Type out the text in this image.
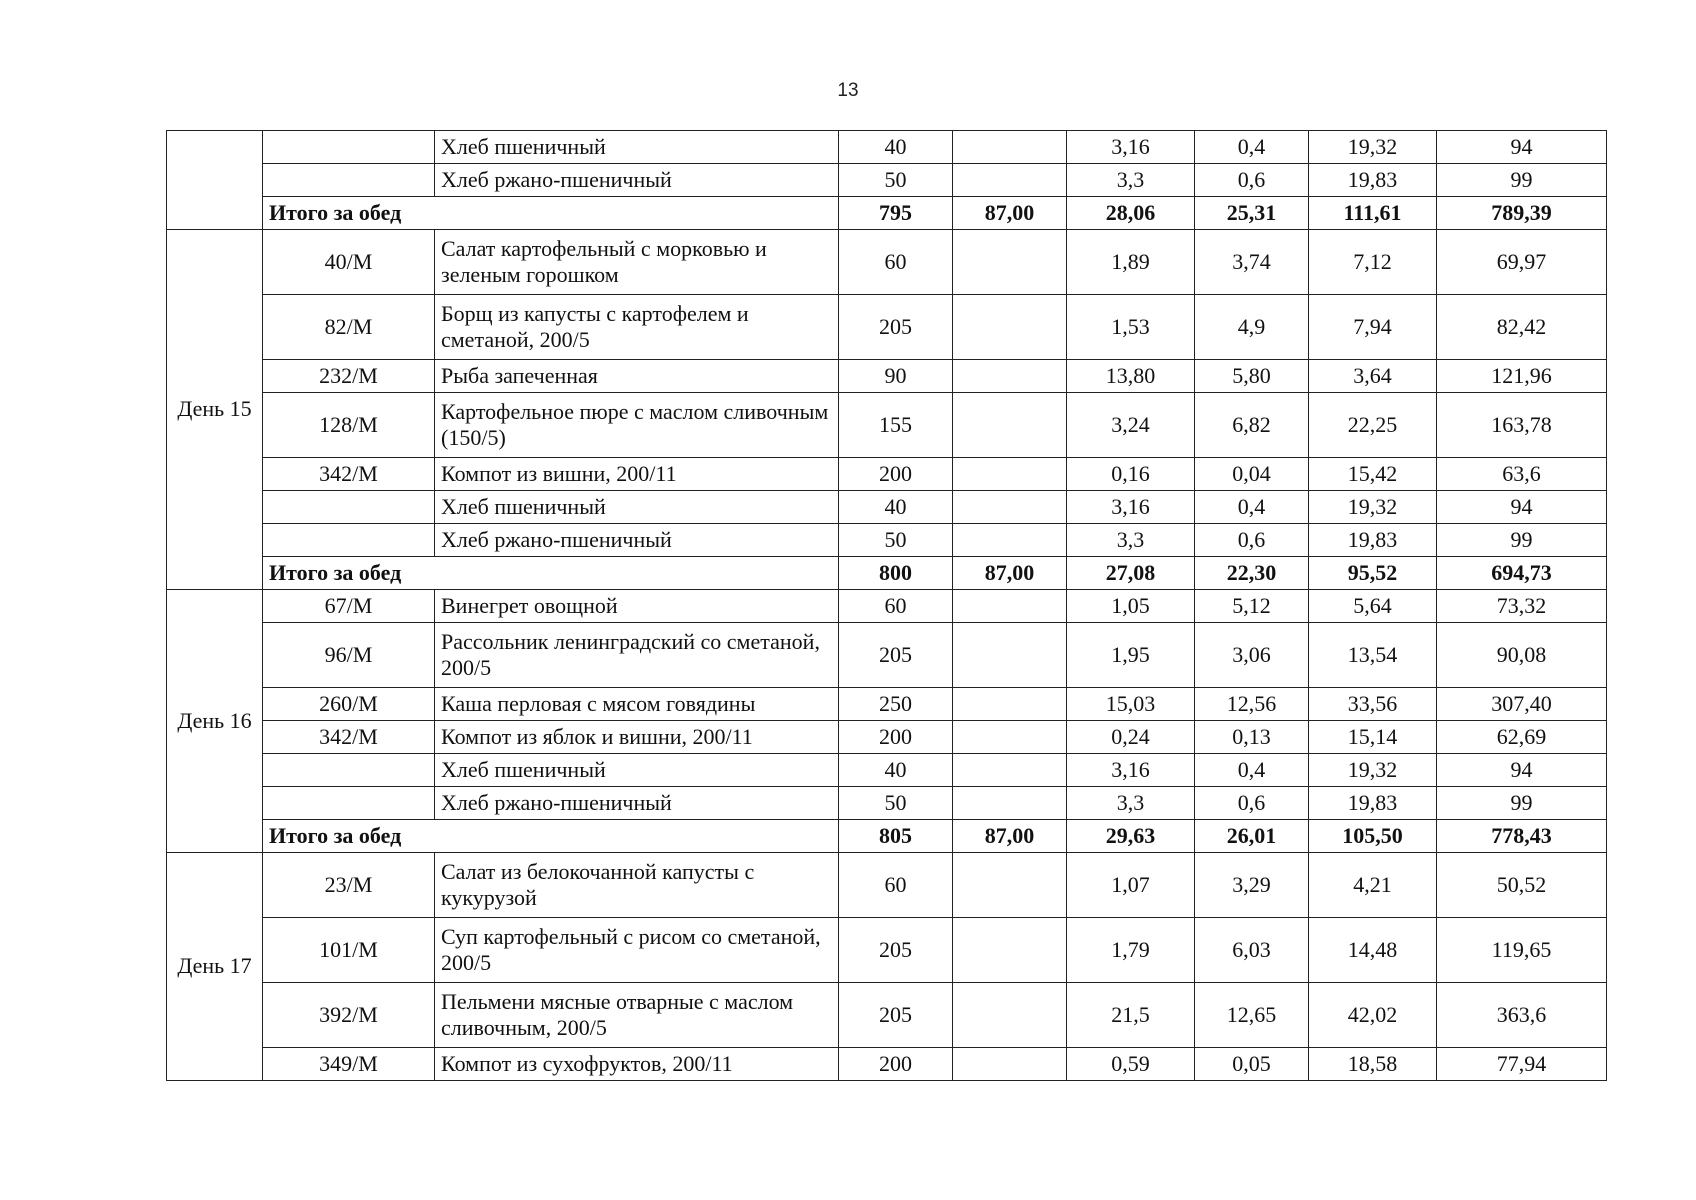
13
		Хлеб пшеничный	40		3,16	0,4	19,32	94
		Хлеб ржано-пшеничный	50		3,3	0,6	19,83	99
	Итого за обед		795	87,00	28,06	25,31	111,61	789,39
День 15	40/М	Салат картофельный с морковью и зеленым горошком	60		1,89	3,74	7,12	69,97
	82/М	Борщ из капусты с картофелем и сметаной, 200/5	205		1,53	4,9	7,94	82,42
	232/М	Рыба запеченная	90		13,80	5,80	3,64	121,96
	128/М	Картофельное пюре с маслом сливочным (150/5)	155		3,24	6,82	22,25	163,78
	342/М	Компот из вишни, 200/11	200		0,16	0,04	15,42	63,6
		Хлеб пшеничный	40		3,16	0,4	19,32	94
		Хлеб ржано-пшеничный	50		3,3	0,6	19,83	99
	Итого за обед		800	87,00	27,08	22,30	95,52	694,73
День 16	67/М	Винегрет овощной	60		1,05	5,12	5,64	73,32
	96/М	Рассольник ленинградский со сметаной, 200/5	205		1,95	3,06	13,54	90,08
	260/М	Каша перловая с мясом говядины	250		15,03	12,56	33,56	307,40
	342/М	Компот из яблок и вишни, 200/11	200		0,24	0,13	15,14	62,69
		Хлеб пшеничный	40		3,16	0,4	19,32	94
		Хлеб ржано-пшеничный	50		3,3	0,6	19,83	99
	Итого за обед		805	87,00	29,63	26,01	105,50	778,43
День 17	23/М	Салат из белокочанной капусты с кукурузой	60		1,07	3,29	4,21	50,52
	101/М	Суп картофельный с рисом со сметаной, 200/5	205		1,79	6,03	14,48	119,65
	392/М	Пельмени мясные отварные с маслом сливочным, 200/5	205		21,5	12,65	42,02	363,6
	349/М	Компот из сухофруктов, 200/11	200		0,59	0,05	18,58	77,94
